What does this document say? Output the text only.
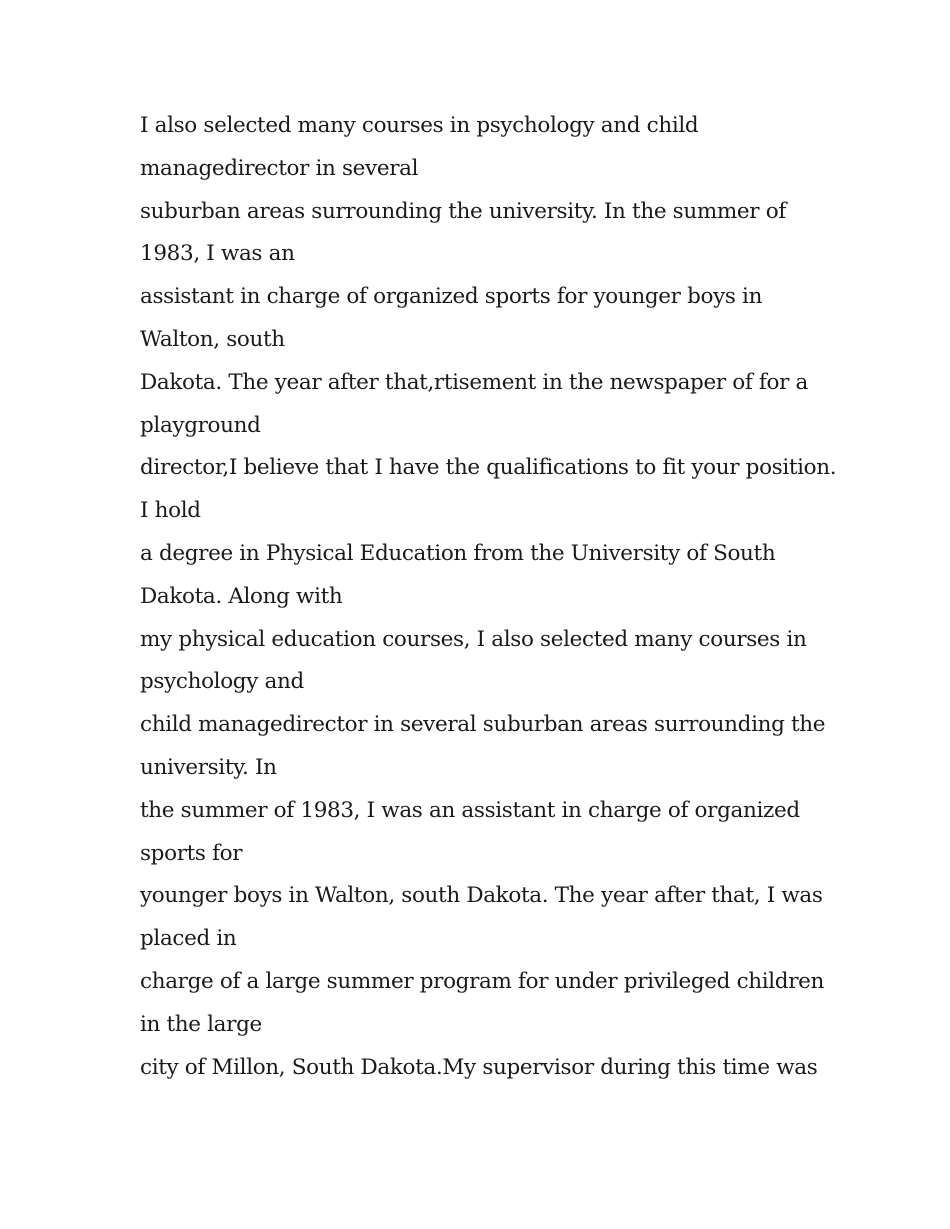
I also selected many courses in psychology and child
managedirector in several
suburban areas surrounding the university. In the summer of
1983, I was an
assistant in charge of organized sports for younger boys in
Walton, south
Dakota. The year after that,rtisement in the newspaper of for a
playground
director,I believe that I have the qualifications to fit your position.
I hold
a degree in Physical Education from the University of South
Dakota. Along with
my physical education courses, I also selected many courses in
psychology and
child managedirector in several suburban areas surrounding the
university. In
the summer of 1983, I was an assistant in charge of organized
sports for
younger boys in Walton, south Dakota. The year after that, I was
placed in
charge of a large summer program for under privileged children
in the large
city of Millon, South Dakota.My supervisor during this time was
